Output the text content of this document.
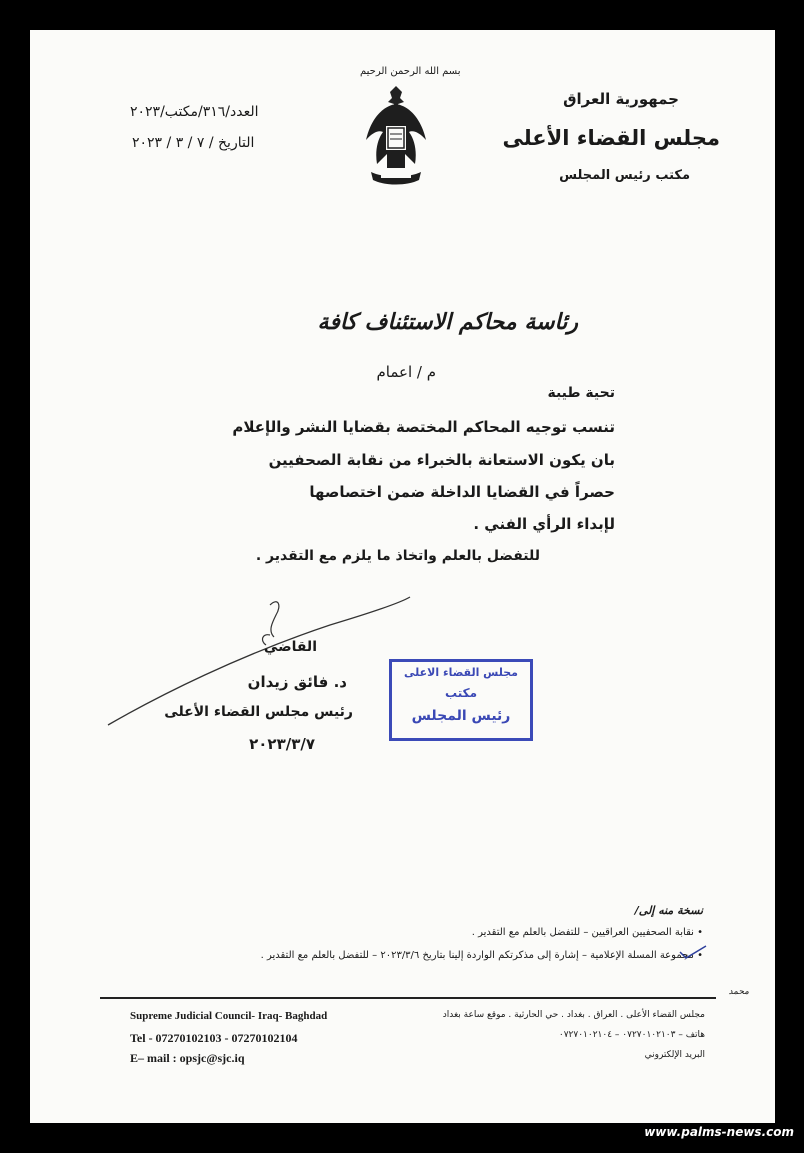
بسم الله الرحمن الرحيم
جمهورية العراق
مجلس القضاء الأعلى
مكتب رئيس المجلس
العدد/٣١٦/مكتب/٢٠٢٣
التاريخ / ٧ / ٣ / ٢٠٢٣
رئاسة محاكم الاستئناف كافة
م / اعمام
تحية طيبة
تنسب توجيه المحاكم المختصة بقضايا النشر والإعلام
بان يكون الاستعانة بالخبراء من نقابة الصحفيين
حصراً في القضايا الداخلة ضمن اختصاصها
لإبداء الرأي الفني .
للتفضل بالعلم واتخاذ ما يلزم مع التقدير .
القاضي
د. فائق زيدان
رئيس مجلس القضاء الأعلى
٢٠٢٣/٣/٧
مجلس القضاء الاعلى
مكتب
رئيس المجلس
نسخة منه إلى/
• نقابة الصحفيين العراقيين – للتفضل بالعلم مع التقدير .
• مجموعة المسلة الإعلامية – إشارة إلى مذكرتكم الواردة إلينا بتاريخ ٢٠٢٣/٣/٦ – للتفضل بالعلم مع التقدير .
محمد
Supreme Judicial Council- Iraq- Baghdad
Tel - 07270102103 - 07270102104
E– mail : opsjc@sjc.iq
مجلس القضاء الأعلى . العراق . بغداد . حي الحارثية . موقع ساعة بغداد
هاتف – ٠٧٢٧٠١٠٢١٠٣ – ٠٧٢٧٠١٠٢١٠٤
البريد الإلكتروني
www.palms-news.com
